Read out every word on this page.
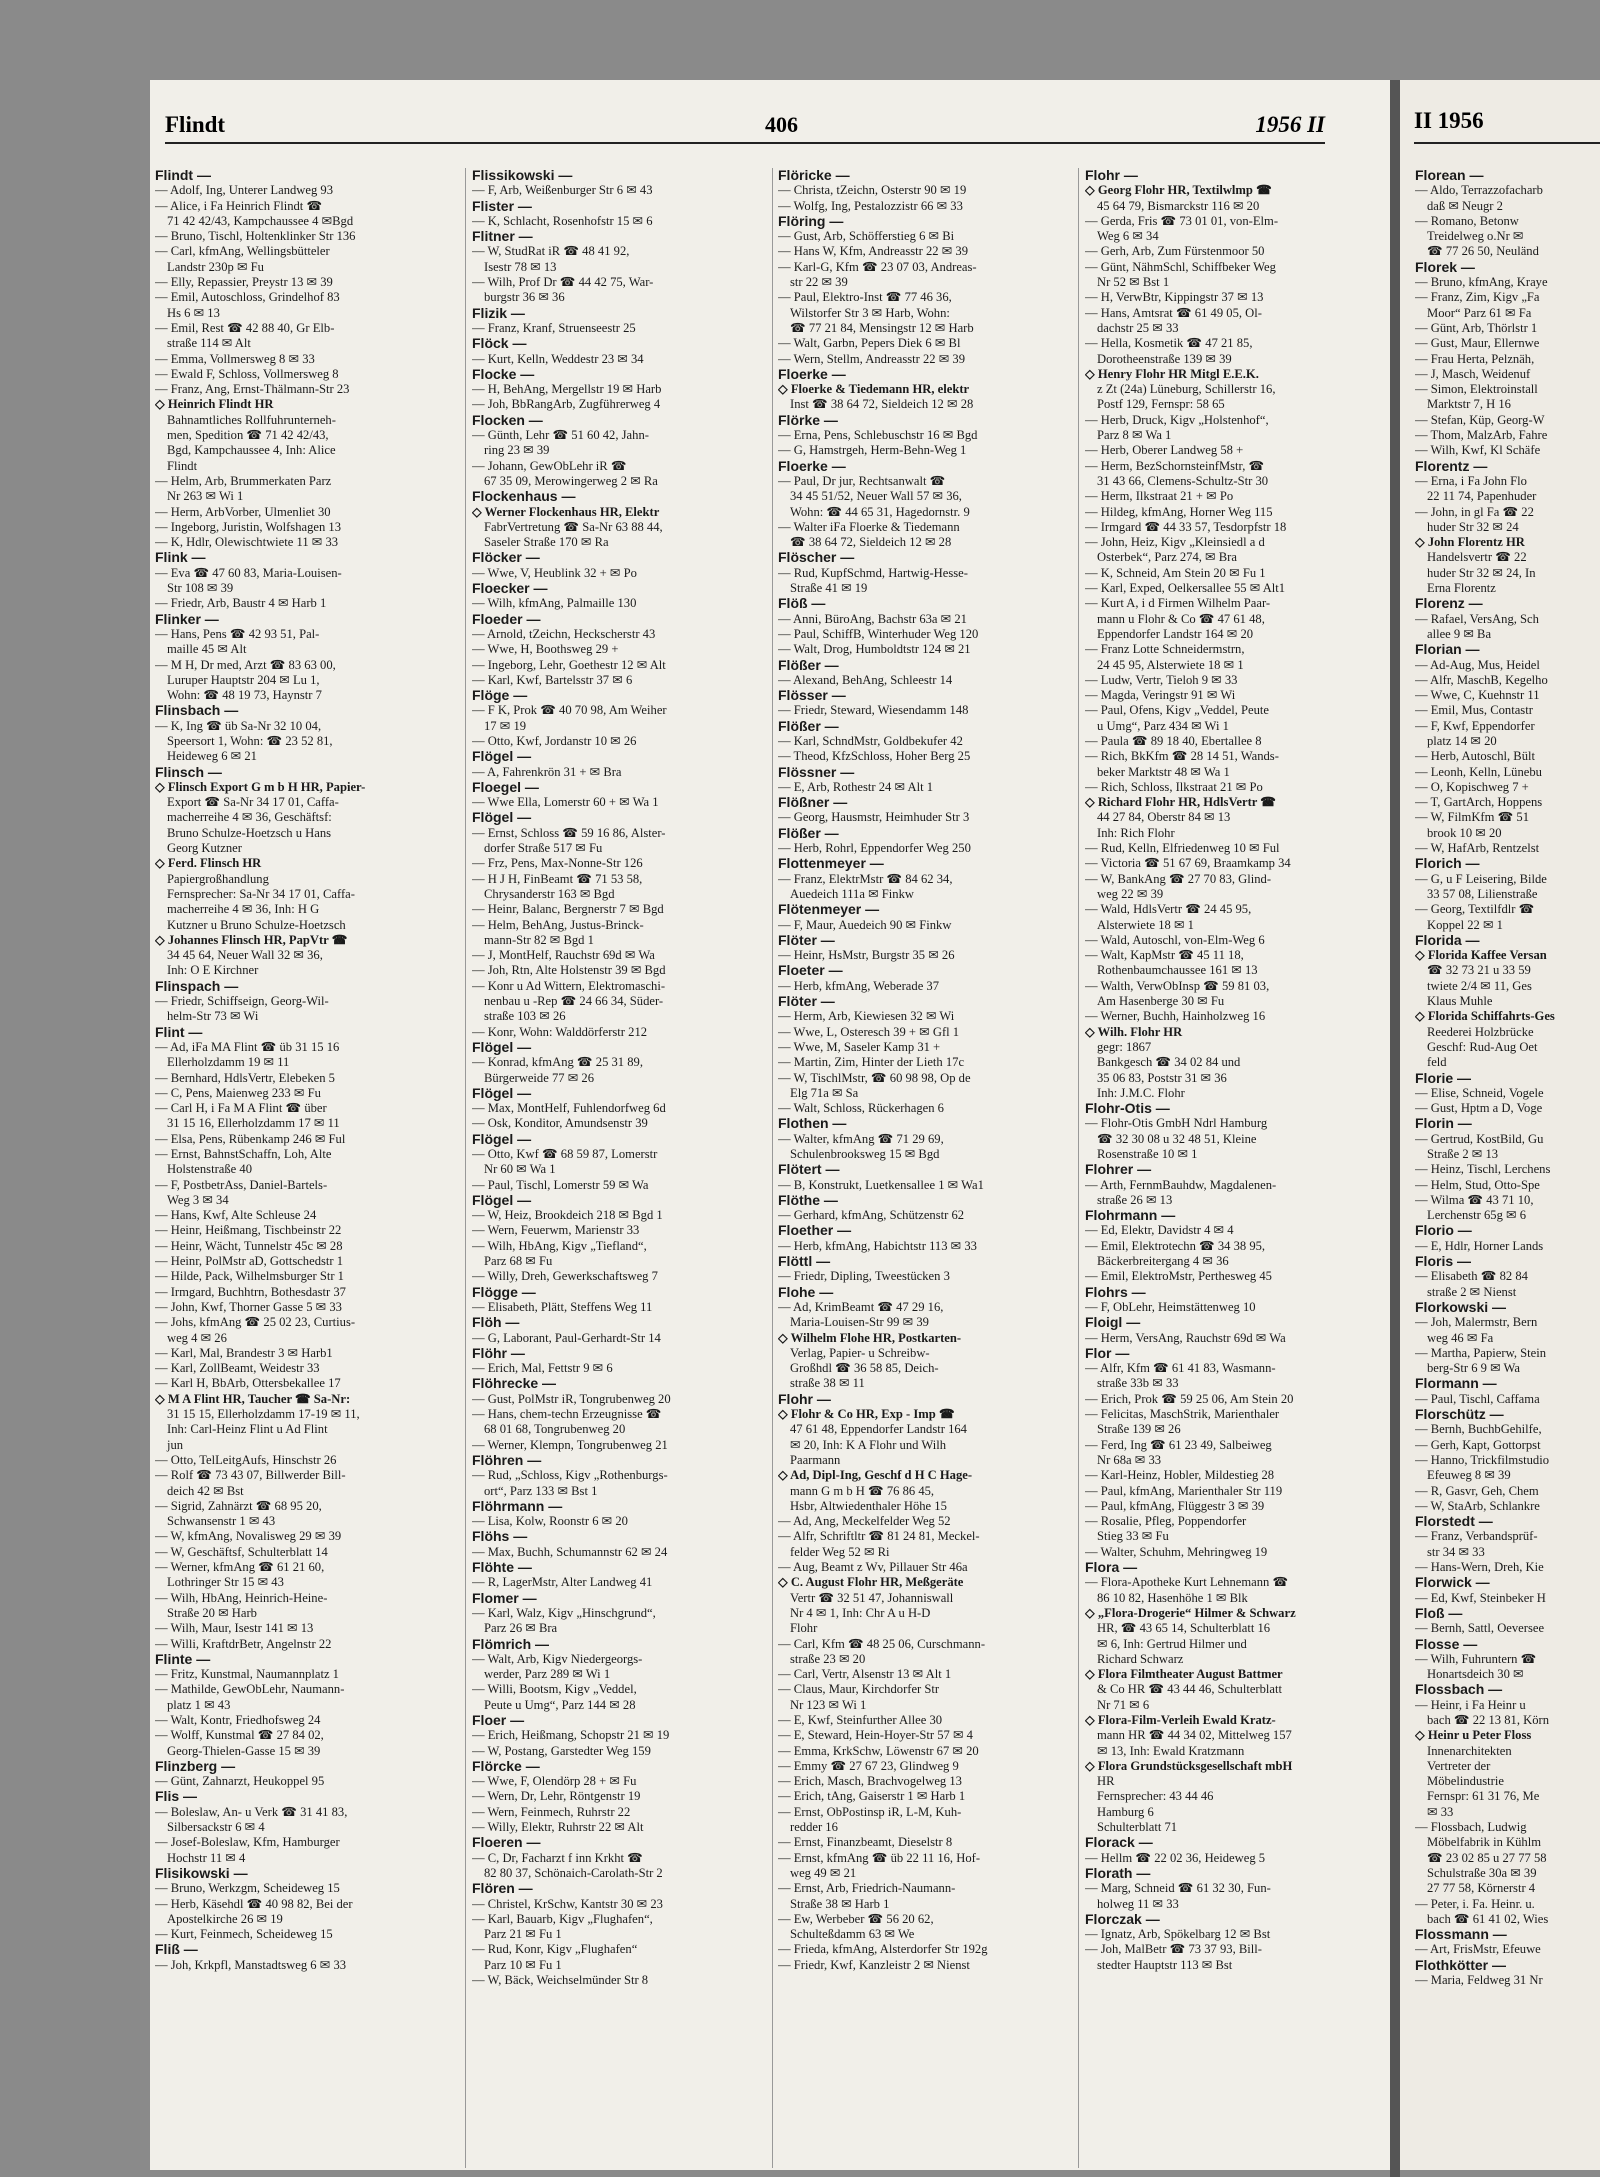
Flindt	406	1956 II
Flindt —
— Adolf, Ing, Unterer Landweg 93
— Alice, i Fa Heinrich Flindt ☎
71 42 42/43, Kampchaussee 4 ✉Bgd
— Bruno, Tischl, Holtenklinker Str 136
— Carl, kfmAng, Wellingsbütteler
Landstr 230p ✉ Fu
— Elly, Repassier, Preystr 13 ✉ 39
— Emil, Autoschloss, Grindelhof 83
Hs 6 ✉ 13
— Emil, Rest ☎ 42 88 40, Gr Elb-
straße 114 ✉ Alt
— Emma, Vollmersweg 8 ✉ 33
— Ewald F, Schloss, Vollmersweg 8
— Franz, Ang, Ernst-Thälmann-Str 23
◇ Heinrich Flindt HR
Bahnamtliches Rollfuhrunterneh-
men, Spedition ☎ 71 42 42/43,
Bgd, Kampchaussee 4, Inh: Alice
Flindt
— Helm, Arb, Brummerkaten Parz
Nr 263 ✉ Wi 1
— Herm, ArbVorber, Ulmenliet 30
— Ingeborg, Juristin, Wolfshagen 13
— K, Hdlr, Olewischtwiete 11 ✉ 33
Flink —
— Eva ☎ 47 60 83, Maria-Louisen-
Str 108 ✉ 39
— Friedr, Arb, Baustr 4 ✉ Harb 1
Flinker —
— Hans, Pens ☎ 42 93 51, Pal-
maille 45 ✉ Alt
— M H, Dr med, Arzt ☎ 83 63 00,
Luruper Hauptstr 204 ✉ Lu 1,
Wohn: ☎ 48 19 73, Haynstr 7
Flinsbach —
— K, Ing ☎ üb Sa-Nr 32 10 04,
Speersort 1, Wohn: ☎ 23 52 81,
Heideweg 6 ✉ 21
Flinsch —
◇ Flinsch Export G m b H HR, Papier-
Export ☎ Sa-Nr 34 17 01, Caffa-
macherreihe 4 ✉ 36, Geschäftsf:
Bruno Schulze-Hoetzsch u Hans
Georg Kutzner
◇ Ferd. Flinsch HR
Papiergroßhandlung
Fernsprecher: Sa-Nr 34 17 01, Caffa-
macherreihe 4 ✉ 36, Inh: H G
Kutzner u Bruno Schulze-Hoetzsch
◇ Johannes Flinsch HR, PapVtr ☎
34 45 64, Neuer Wall 32 ✉ 36,
Inh: O E Kirchner
Flinspach —
— Friedr, Schiffseign, Georg-Wil-
helm-Str 73 ✉ Wi
Flint —
— Ad, iFa MA Flint ☎ üb 31 15 16
Ellerholzdamm 19 ✉ 11
— Bernhard, HdlsVertr, Elebeken 5
— C, Pens, Maienweg 233 ✉ Fu
— Carl H, i Fa M A Flint ☎ über
31 15 16, Ellerholzdamm 17 ✉ 11
— Elsa, Pens, Rübenkamp 246 ✉ Ful
— Ernst, BahnstSchaffn, Loh, Alte
Holstenstraße 40
— F, PostbetrAss, Daniel-Bartels-
Weg 3 ✉ 34
— Hans, Kwf, Alte Schleuse 24
— Heinr, Heißmang, Tischbeinstr 22
— Heinr, Wächt, Tunnelstr 45c ✉ 28
— Heinr, PolMstr aD, Gottschedstr 1
— Hilde, Pack, Wilhelmsburger Str 1
— Irmgard, Buchhtrn, Bothesdastr 37
— John, Kwf, Thorner Gasse 5 ✉ 33
— Johs, kfmAng ☎ 25 02 23, Curtius-
weg 4 ✉ 26
— Karl, Mal, Brandestr 3 ✉ Harb1
— Karl, ZollBeamt, Weidestr 33
— Karl H, BbArb, Ottersbekallee 17
◇ M A Flint HR, Taucher ☎ Sa-Nr:
31 15 15, Ellerholzdamm 17-19 ✉ 11,
Inh: Carl-Heinz Flint u Ad Flint
jun
— Otto, TelLeitgAufs, Hinschstr 26
— Rolf ☎ 73 43 07, Billwerder Bill-
deich 42 ✉ Bst
— Sigrid, Zahnärzt ☎ 68 95 20,
Schwansenstr 1 ✉ 43
— W, kfmAng, Novalisweg 29 ✉ 39
— W, Geschäftsf, Schulterblatt 14
— Werner, kfmAng ☎ 61 21 60,
Lothringer Str 15 ✉ 43
— Wilh, HbAng, Heinrich-Heine-
Straße 20 ✉ Harb
— Wilh, Maur, Isestr 141 ✉ 13
— Willi, KraftdrBetr, Angelnstr 22
Flinte —
— Fritz, Kunstmal, Naumannplatz 1
— Mathilde, GewObLehr, Naumann-
platz 1 ✉ 43
— Walt, Kontr, Friedhofsweg 24
— Wolff, Kunstmal ☎ 27 84 02,
Georg-Thielen-Gasse 15 ✉ 39
Flinzberg —
— Günt, Zahnarzt, Heukoppel 95
Flis —
— Boleslaw, An- u Verk ☎ 31 41 83,
Silbersackstr 6 ✉ 4
— Josef-Boleslaw, Kfm, Hamburger
Hochstr 11 ✉ 4
Flisikowski —
— Bruno, Werkzgm, Scheideweg 15
— Herb, Käsehdl ☎ 40 98 82, Bei der
Apostelkirche 26 ✉ 19
— Kurt, Feinmech, Scheideweg 15
Fliß —
— Joh, Krkpfl, Manstadtsweg 6 ✉ 33
Flissikowski —
— F, Arb, Weißenburger Str 6 ✉ 43
Flister —
— K, Schlacht, Rosenhofstr 15 ✉ 6
Flitner —
— W, StudRat iR ☎ 48 41 92,
Isestr 78 ✉ 13
— Wilh, Prof Dr ☎ 44 42 75, War-
burgstr 36 ✉ 36
Flizik —
— Franz, Kranf, Struenseestr 25
Flöck —
— Kurt, Kelln, Weddestr 23 ✉ 34
Flocke —
— H, BehAng, Mergellstr 19 ✉ Harb
— Joh, BbRangArb, Zugführerweg 4
Flocken —
— Günth, Lehr ☎ 51 60 42, Jahn-
ring 23 ✉ 39
— Johann, GewObLehr iR ☎
67 35 09, Merowingerweg 2 ✉ Ra
Flockenhaus —
◇ Werner Flockenhaus HR, Elektr
FabrVertretung ☎ Sa-Nr 63 88 44,
Saseler Straße 170 ✉ Ra
Flöcker —
— Wwe, V, Heublink 32 + ✉ Po
Floecker —
— Wilh, kfmAng, Palmaille 130
Floeder —
— Arnold, tZeichn, Heckscherstr 43
— Wwe, H, Boothsweg 29 +
— Ingeborg, Lehr, Goethestr 12 ✉ Alt
— Karl, Kwf, Bartelsstr 37 ✉ 6
Flöge —
— F K, Prok ☎ 40 70 98, Am Weiher
17 ✉ 19
— Otto, Kwf, Jordanstr 10 ✉ 26
Flögel —
— A, Fahrenkrön 31 + ✉ Bra
Floegel —
— Wwe Ella, Lomerstr 60 + ✉ Wa 1
Flögel —
— Ernst, Schloss ☎ 59 16 86, Alster-
dorfer Straße 517 ✉ Fu
— Frz, Pens, Max-Nonne-Str 126
— H J H, FinBeamt ☎ 71 53 58,
Chrysanderstr 163 ✉ Bgd
— Heinr, Balanc, Bergnerstr 7 ✉ Bgd
— Helm, BehAng, Justus-Brinck-
mann-Str 82 ✉ Bgd 1
— J, MontHelf, Rauchstr 69d ✉ Wa
— Joh, Rtn, Alte Holstenstr 39 ✉ Bgd
— Konr u Ad Wittern, Elektromaschi-
nenbau u -Rep ☎ 24 66 34, Süder-
straße 103 ✉ 26
— Konr, Wohn: Walddörferstr 212
Flögel —
— Konrad, kfmAng ☎ 25 31 89,
Bürgerweide 77 ✉ 26
Flögel —
— Max, MontHelf, Fuhlendorfweg 6d
— Osk, Konditor, Amundsenstr 39
Flögel —
— Otto, Kwf ☎ 68 59 87, Lomerstr
Nr 60 ✉ Wa 1
— Paul, Tischl, Lomerstr 59 ✉ Wa
Flögel —
— W, Heiz, Brookdeich 218 ✉ Bgd 1
— Wern, Feuerwm, Marienstr 33
— Wilh, HbAng, Kigv „Tiefland“,
Parz 68 ✉ Fu
— Willy, Dreh, Gewerkschaftsweg 7
Flögge —
— Elisabeth, Plätt, Steffens Weg 11
Flöh —
— G, Laborant, Paul-Gerhardt-Str 14
Flöhr —
— Erich, Mal, Fettstr 9 ✉ 6
Flöhrecke —
— Gust, PolMstr iR, Tongrubenweg 20
— Hans, chem-techn Erzeugnisse ☎
68 01 68, Tongrubenweg 20
— Werner, Klempn, Tongrubenweg 21
Flöhren —
— Rud, „Schloss, Kigv „Rothenburgs-
ort“, Parz 133 ✉ Bst 1
Flöhrmann —
— Lisa, Kolw, Roonstr 6 ✉ 20
Flöhs —
— Max, Buchh, Schumannstr 62 ✉ 24
Flöhte —
— R, LagerMstr, Alter Landweg 41
Flomer —
— Karl, Walz, Kigv „Hinschgrund“,
Parz 26 ✉ Bra
Flömrich —
— Walt, Arb, Kigv Niedergeorgs-
werder, Parz 289 ✉ Wi 1
— Willi, Bootsm, Kigv „Veddel,
Peute u Umg“, Parz 144 ✉ 28
Floer —
— Erich, Heißmang, Schopstr 21 ✉ 19
— W, Postang, Garstedter Weg 159
Flörcke —
— Wwe, F, Olendörp 28 + ✉ Fu
— Wern, Dr, Lehr, Röntgenstr 19
— Wern, Feinmech, Ruhrstr 22
— Willy, Elektr, Ruhrstr 22 ✉ Alt
Floeren —
— C, Dr, Facharzt f inn Krkht ☎
82 80 37, Schönaich-Carolath-Str 2
Flören —
— Christel, KrSchw, Kantstr 30 ✉ 23
— Karl, Bauarb, Kigv „Flughafen“,
Parz 21 ✉ Fu 1
— Rud, Konr, Kigv „Flughafen“
Parz 10 ✉ Fu 1
— W, Bäck, Weichselmünder Str 8
Flöricke —
— Christa, tZeichn, Osterstr 90 ✉ 19
— Wolfg, Ing, Pestalozzistr 66 ✉ 33
Flöring —
— Gust, Arb, Schöfferstieg 6 ✉ Bi
— Hans W, Kfm, Andreasstr 22 ✉ 39
— Karl-G, Kfm ☎ 23 07 03, Andreas-
str 22 ✉ 39
— Paul, Elektro-Inst ☎ 77 46 36,
Wilstorfer Str 3 ✉ Harb, Wohn:
☎ 77 21 84, Mensingstr 12 ✉ Harb
— Walt, Garbn, Pepers Diek 6 ✉ Bl
— Wern, Stellm, Andreasstr 22 ✉ 39
Floerke —
◇ Floerke & Tiedemann HR, elektr
Inst ☎ 38 64 72, Sieldeich 12 ✉ 28
Flörke —
— Erna, Pens, Schlebuschstr 16 ✉ Bgd
— G, Hamstrgeh, Herm-Behn-Weg 1
Floerke —
— Paul, Dr jur, Rechtsanwalt ☎
34 45 51/52, Neuer Wall 57 ✉ 36,
Wohn: ☎ 44 65 31, Hagedornstr. 9
— Walter iFa Floerke & Tiedemann
☎ 38 64 72, Sieldeich 12 ✉ 28
Flöscher —
— Rud, KupfSchmd, Hartwig-Hesse-
Straße 41 ✉ 19
Flöß —
— Anni, BüroAng, Bachstr 63a ✉ 21
— Paul, SchiffB, Winterhuder Weg 120
— Walt, Drog, Humboldtstr 124 ✉ 21
Flößer —
— Alexand, BehAng, Schleestr 14
Flösser —
— Friedr, Steward, Wiesendamm 148
Flößer —
— Karl, SchndMstr, Goldbekufer 42
— Theod, KfzSchloss, Hoher Berg 25
Flössner —
— E, Arb, Rothestr 24 ✉ Alt 1
Flößner —
— Georg, Hausmstr, Heimhuder Str 3
Flößer —
— Herb, Rohrl, Eppendorfer Weg 250
Flottenmeyer —
— Franz, ElektrMstr ☎ 84 62 34,
Auedeich 111a ✉ Finkw
Flötenmeyer —
— F, Maur, Auedeich 90 ✉ Finkw
Flöter —
— Heinr, HsMstr, Burgstr 35 ✉ 26
Floeter —
— Herb, kfmAng, Weberade 37
Flöter —
— Herm, Arb, Kiewiesen 32 ✉ Wi
— Wwe, L, Osteresch 39 + ✉ Gfl 1
— Wwe, M, Saseler Kamp 31 +
— Martin, Zim, Hinter der Lieth 17c
— W, TischlMstr, ☎ 60 98 98, Op de
Elg 71a ✉ Sa
— Walt, Schloss, Rückerhagen 6
Flothen —
— Walter, kfmAng ☎ 71 29 69,
Schulenbrooksweg 15 ✉ Bgd
Flötert —
— B, Konstrukt, Luetkensallee 1 ✉ Wa1
Flöthe —
— Gerhard, kfmAng, Schützenstr 62
Floether —
— Herb, kfmAng, Habichtstr 113 ✉ 33
Flöttl —
— Friedr, Dipling, Tweestücken 3
Flohe —
— Ad, KrimBeamt ☎ 47 29 16,
Maria-Louisen-Str 99 ✉ 39
◇ Wilhelm Flohe HR, Postkarten-
Verlag, Papier- u Schreibw-
Großhdl ☎ 36 58 85, Deich-
straße 38 ✉ 11
Flohr —
◇ Flohr & Co HR, Exp - Imp ☎
47 61 48, Eppendorfer Landstr 164
✉ 20, Inh: K A Flohr und Wilh
Paarmann
◇ Ad, Dipl-Ing, Geschf d H C Hage-
mann G m b H ☎ 76 86 45,
Hsbr, Altwiedenthaler Höhe 15
— Ad, Ang, Meckelfelder Weg 52
— Alfr, Schriftltr ☎ 81 24 81, Meckel-
felder Weg 52 ✉ Ri
— Aug, Beamt z Wv, Pillauer Str 46a
◇ C. August Flohr HR, Meßgeräte
Vertr ☎ 32 51 47, Johanniswall
Nr 4 ✉ 1, Inh: Chr A u H-D
Flohr
— Carl, Kfm ☎ 48 25 06, Curschmann-
straße 23 ✉ 20
— Carl, Vertr, Alsenstr 13 ✉ Alt 1
— Claus, Maur, Kirchdorfer Str
Nr 123 ✉ Wi 1
— E, Kwf, Steinfurther Allee 30
— E, Steward, Hein-Hoyer-Str 57 ✉ 4
— Emma, KrkSchw, Löwenstr 67 ✉ 20
— Emmy ☎ 27 67 23, Glindweg 9
— Erich, Masch, Brachvogelweg 13
— Erich, tAng, Gaiserstr 1 ✉ Harb 1
— Ernst, ObPostinsp iR, L-M, Kuh-
redder 16
— Ernst, Finanzbeamt, Dieselstr 8
— Ernst, kfmAng ☎ üb 22 11 16, Hof-
weg 49 ✉ 21
— Ernst, Arb, Friedrich-Naumann-
Straße 38 ✉ Harb 1
— Ew, Werbeber ☎ 56 20 62,
Schulteßdamm 63 ✉ We
— Frieda, kfmAng, Alsterdorfer Str 192g
— Friedr, Kwf, Kanzleistr 2 ✉ Nienst
Flohr —
◇ Georg Flohr HR, Textilwlmp ☎
45 64 79, Bismarckstr 116 ✉ 20
— Gerda, Fris ☎ 73 01 01, von-Elm-
Weg 6 ✉ 34
— Gerh, Arb, Zum Fürstenmoor 50
— Günt, NähmSchl, Schiffbeker Weg
Nr 52 ✉ Bst 1
— H, VerwBtr, Kippingstr 37 ✉ 13
— Hans, Amtsrat ☎ 61 49 05, Ol-
dachstr 25 ✉ 33
— Hella, Kosmetik ☎ 47 21 85,
Dorotheenstraße 139 ✉ 39
◇ Henry Flohr HR Mitgl E.E.K.
z Zt (24a) Lüneburg, Schillerstr 16,
Postf 129, Fernspr: 58 65
— Herb, Druck, Kigv „Holstenhof“,
Parz 8 ✉ Wa 1
— Herb, Oberer Landweg 58 +
— Herm, BezSchornsteinfMstr, ☎
31 43 66, Clemens-Schultz-Str 30
— Herm, Ilkstraat 21 + ✉ Po
— Hildeg, kfmAng, Horner Weg 115
— Irmgard ☎ 44 33 57, Tesdorpfstr 18
— John, Heiz, Kigv „Kleinsiedl a d
Osterbek“, Parz 274, ✉ Bra
— K, Schneid, Am Stein 20 ✉ Fu 1
— Karl, Exped, Oelkersallee 55 ✉ Alt1
— Kurt A, i d Firmen Wilhelm Paar-
mann u Flohr & Co ☎ 47 61 48,
Eppendorfer Landstr 164 ✉ 20
— Franz Lotte Schneidermstrn,
24 45 95, Alsterwiete 18 ✉ 1
— Ludw, Vertr, Tieloh 9 ✉ 33
— Magda, Veringstr 91 ✉ Wi
— Paul, Ofens, Kigv „Veddel, Peute
u Umg“, Parz 434 ✉ Wi 1
— Paula ☎ 89 18 40, Ebertallee 8
— Rich, BkKfm ☎ 28 14 51, Wands-
beker Marktstr 48 ✉ Wa 1
— Rich, Schloss, Ilkstraat 21 ✉ Po
◇ Richard Flohr HR, HdlsVertr ☎
44 27 84, Oberstr 84 ✉ 13
Inh: Rich Flohr
— Rud, Kelln, Elfriedenweg 10 ✉ Ful
— Victoria ☎ 51 67 69, Braamkamp 34
— W, BankAng ☎ 27 70 83, Glind-
weg 22 ✉ 39
— Wald, HdlsVertr ☎ 24 45 95,
Alsterwiete 18 ✉ 1
— Wald, Autoschl, von-Elm-Weg 6
— Walt, KapMstr ☎ 45 11 18,
Rothenbaumchaussee 161 ✉ 13
— Walth, VerwObInsp ☎ 59 81 03,
Am Hasenberge 30 ✉ Fu
— Werner, Buchh, Hainholzweg 16
◇ Wilh. Flohr HR
gegr: 1867
Bankgesch ☎ 34 02 84 und
35 06 83, Poststr 31 ✉ 36
Inh: J.M.C. Flohr
Flohr-Otis —
— Flohr-Otis GmbH Ndrl Hamburg
☎ 32 30 08 u 32 48 51, Kleine
Rosenstraße 10 ✉ 1
Flohrer —
— Arth, FernmBauhdw, Magdalenen-
straße 26 ✉ 13
Flohrmann —
— Ed, Elektr, Davidstr 4 ✉ 4
— Emil, Elektrotechn ☎ 34 38 95,
Bäckerbreitergang 4 ✉ 36
— Emil, ElektroMstr, Perthesweg 45
Flohrs —
— F, ObLehr, Heimstättenweg 10
Floigl —
— Herm, VersAng, Rauchstr 69d ✉ Wa
Flor —
— Alfr, Kfm ☎ 61 41 83, Wasmann-
straße 33b ✉ 33
— Erich, Prok ☎ 59 25 06, Am Stein 20
— Felicitas, MaschStrik, Marienthaler
Straße 139 ✉ 26
— Ferd, Ing ☎ 61 23 49, Salbeiweg
Nr 68a ✉ 33
— Karl-Heinz, Hobler, Mildestieg 28
— Paul, kfmAng, Marienthaler Str 119
— Paul, kfmAng, Flüggestr 3 ✉ 39
— Rosalie, Pfleg, Poppendorfer
Stieg 33 ✉ Fu
— Walter, Schuhm, Mehringweg 19
Flora —
— Flora-Apotheke Kurt Lehnemann ☎
86 10 82, Hasenhöhe 1 ✉ Blk
◇ „Flora-Drogerie“ Hilmer & Schwarz
HR, ☎ 43 65 14, Schulterblatt 16
✉ 6, Inh: Gertrud Hilmer und
Richard Schwarz
◇ Flora Filmtheater August Battmer
& Co HR ☎ 43 44 46, Schulterblatt
Nr 71 ✉ 6
◇ Flora-Film-Verleih Ewald Kratz-
mann HR ☎ 44 34 02, Mittelweg 157
✉ 13, Inh: Ewald Kratzmann
◇ Flora Grundstücksgesellschaft mbH
HR
Fernsprecher: 43 44 46
Hamburg 6
Schulterblatt 71
Florack —
— Hellm ☎ 22 02 36, Heideweg 5
Florath —
— Marg, Schneid ☎ 61 32 30, Fun-
holweg 11 ✉ 33
Florczak —
— Ignatz, Arb, Spökelbarg 12 ✉ Bst
— Joh, MalBetr ☎ 73 37 93, Bill-
stedter Hauptstr 113 ✉ Bst
II 1956
Florean —
— Aldo, Terrazzofacharb
daß ✉ Neugr 2
— Romano, Betonw
Treidelweg o.Nr ✉
☎ 77 26 50, Neuländ
Florek —
— Bruno, kfmAng, Kraye
— Franz, Zim, Kigv „Fa
Moor“ Parz 61 ✉ Fa
— Günt, Arb, Thörlstr 1
— Gust, Maur, Ellernwe
— Frau Herta, Pelznäh,
— J, Masch, Weidenuf
— Simon, Elektroinstall
Marktstr 7, H 16
— Stefan, Küp, Georg-W
— Thom, MalzArb, Fahre
— Wilh, Kwf, Kl Schäfe
Florentz —
— Erna, i Fa John Flo
22 11 74, Papenhuder
— John, in gl Fa ☎ 22
huder Str 32 ✉ 24
◇ John Florentz HR
Handelsvertr ☎ 22
huder Str 32 ✉ 24, In
Erna Florentz
Florenz —
— Rafael, VersAng, Sch
allee 9 ✉ Ba
Florian —
— Ad-Aug, Mus, Heidel
— Alfr, MaschB, Kegelho
— Wwe, C, Kuehnstr 11
— Emil, Mus, Contastr
— F, Kwf, Eppendorfer
platz 14 ✉ 20
— Herb, Autoschl, Bült
— Leonh, Kelln, Lünebu
— O, Kopischweg 7 +
— T, GartArch, Hoppens
— W, FilmKfm ☎ 51
brook 10 ✉ 20
— W, HafArb, Rentzelst
Florich —
— G, u F Leisering, Bilde
33 57 08, Lilienstraße
— Georg, Textilfdlr ☎
Koppel 22 ✉ 1
Florida —
◇ Florida Kaffee Versan
☎ 32 73 21 u 33 59
twiete 2/4 ✉ 11, Ges
Klaus Muhle
◇ Florida Schiffahrts-Ges
Reederei Holzbrücke
Geschf: Rud-Aug Oet
feld
Florie —
— Elise, Schneid, Vogele
— Gust, Hptm a D, Voge
Florin —
— Gertrud, KostBild, Gu
Straße 2 ✉ 13
— Heinz, Tischl, Lerchens
— Helm, Stud, Otto-Spe
— Wilma ☎ 43 71 10,
Lerchenstr 65g ✉ 6
Florio —
— E, Hdlr, Horner Lands
Floris —
— Elisabeth ☎ 82 84
straße 2 ✉ Nienst
Florkowski —
— Joh, Malermstr, Bern
weg 46 ✉ Fa
— Martha, Papierw, Stein
berg-Str 6 9 ✉ Wa
Flormann —
— Paul, Tischl, Caffama
Florschütz —
— Bernh, BuchbGehilfe,
— Gerh, Kapt, Gottorpst
— Hanno, Trickfilmstudio
Efeuweg 8 ✉ 39
— R, Gasvr, Geh, Chem
— W, StaArb, Schlankre
Florstedt —
— Franz, Verbandsprüf-
str 34 ✉ 33
— Hans-Wern, Dreh, Kie
Florwick —
— Ed, Kwf, Steinbeker H
Floß —
— Bernh, Sattl, Oeversee
Flosse —
— Wilh, Fuhruntern ☎
Honartsdeich 30 ✉
Flossbach —
— Heinr, i Fa Heinr u
bach ☎ 22 13 81, Körn
◇ Heinr u Peter Floss
Innenarchitekten
Vertreter der
Möbelindustrie
Fernspr: 61 31 76, Me
✉ 33
— Flossbach, Ludwig
Möbelfabrik in Kühlm
☎ 23 02 85 u 27 77 58
Schulstraße 30a ✉ 39
27 77 58, Körnerstr 4
— Peter, i. Fa. Heinr. u.
bach ☎ 61 41 02, Wies
Flossmann —
— Art, FrisMstr, Efeuwe
Flothkötter —
— Maria, Feldweg 31 Nr
